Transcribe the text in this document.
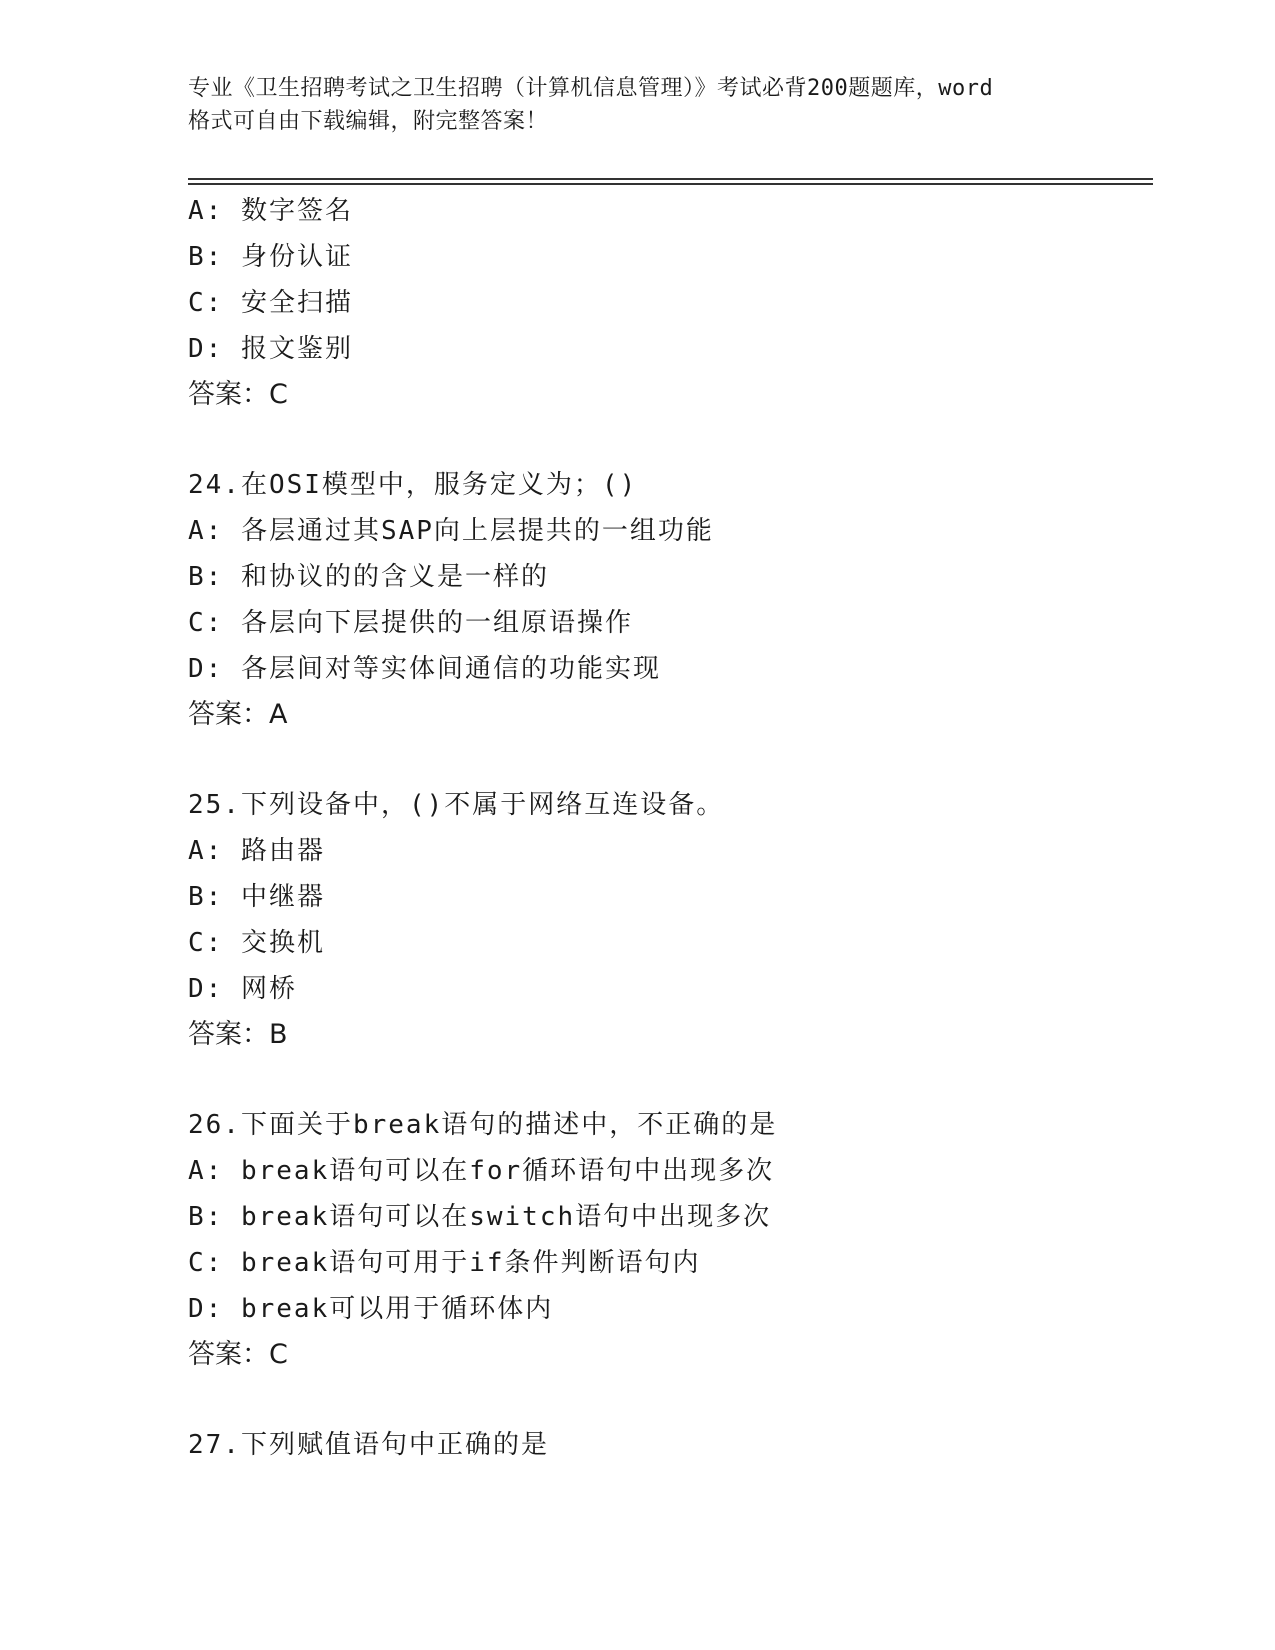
专业《卫生招聘考试之卫生招聘（计算机信息管理）》考试必背200题题库，word
格式可自由下载编辑，附完整答案！
A: 数字签名
B: 身份认证
C: 安全扫描
D: 报文鉴别
答案：C
24.在OSI模型中，服务定义为；()
A: 各层通过其SAP向上层提共的一组功能
B: 和协议的的含义是一样的
C: 各层向下层提供的一组原语操作
D: 各层间对等实体间通信的功能实现
答案：A
25.下列设备中，()不属于网络互连设备。
A: 路由器
B: 中继器
C: 交换机
D: 网桥
答案：B
26.下面关于break语句的描述中，不正确的是
A: break语句可以在for循环语句中出现多次
B: break语句可以在switch语句中出现多次
C: break语句可用于if条件判断语句内
D: break可以用于循环体内
答案：C
27.下列赋值语句中正确的是
